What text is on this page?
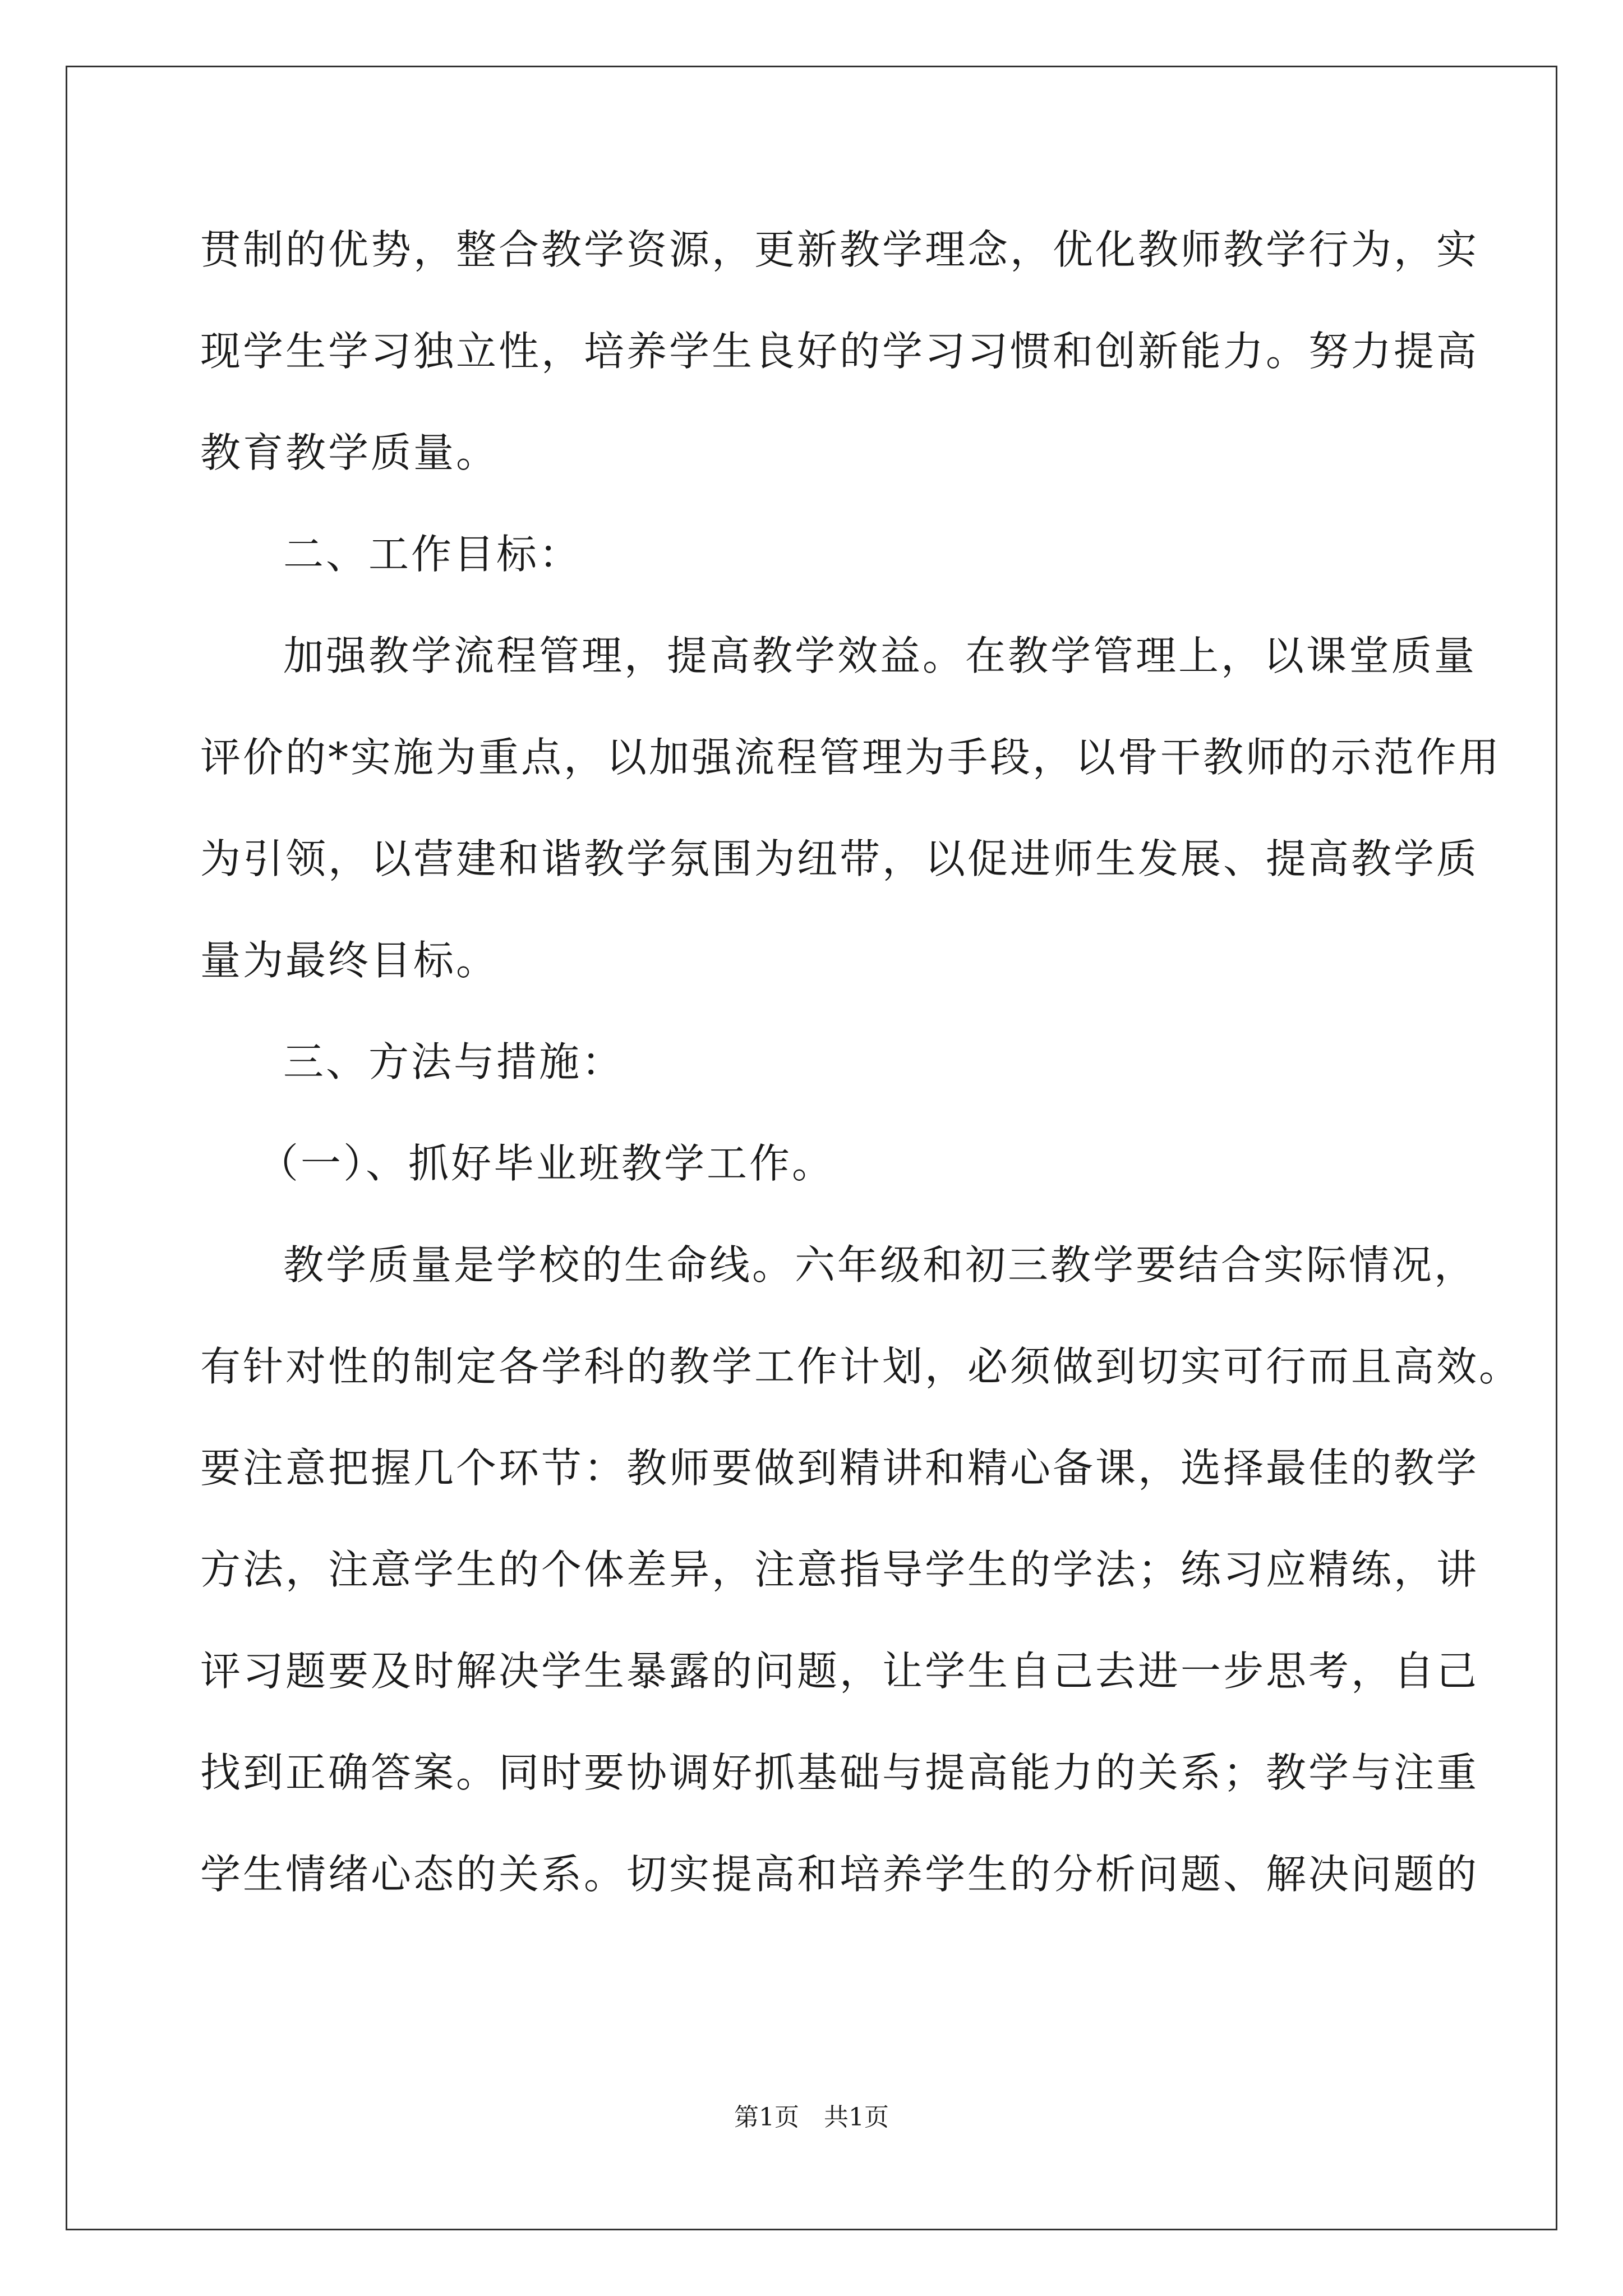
贯制的优势，整合教学资源，更新教学理念，优化教师教学行为，实
现学生学习独立性，培养学生良好的学习习惯和创新能力。努力提高
教育教学质量。
二、工作目标：
加强教学流程管理，提高教学效益。在教学管理上，以课堂质量
评价的*实施为重点，以加强流程管理为手段，以骨干教师的示范作用
为引领，以营建和谐教学氛围为纽带，以促进师生发展、提高教学质
量为最终目标。
三、方法与措施：
（一）、抓好毕业班教学工作。
教学质量是学校的生命线。六年级和初三教学要结合实际情况，
有针对性的制定各学科的教学工作计划，必须做到切实可行而且高效。
要注意把握几个环节：教师要做到精讲和精心备课，选择最佳的教学
方法，注意学生的个体差异，注意指导学生的学法；练习应精练，讲
评习题要及时解决学生暴露的问题，让学生自己去进一步思考，自己
找到正确答案。同时要协调好抓基础与提高能力的关系；教学与注重
学生情绪心态的关系。切实提高和培养学生的分析问题、解决问题的
第1页　共1页
